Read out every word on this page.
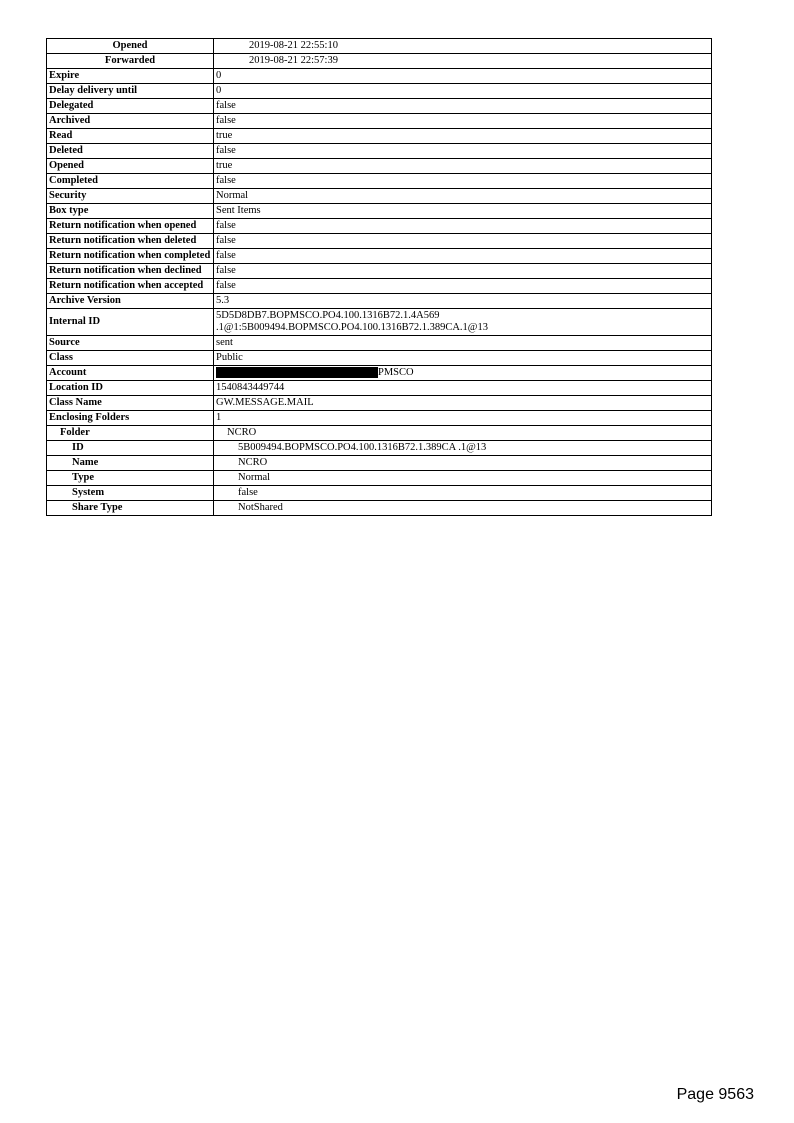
Opened	2019-08-21 22:55:10
Forwarded	2019-08-21 22:57:39
Expire	0
Delay delivery until	0
Delegated	false
Archived	false
Read	true
Deleted	false
Opened	true
Completed	false
Security	Normal
Box type	Sent Items
Return notification when opened	false
Return notification when deleted	false
Return notification when completed	false
Return notification when declined	false
Return notification when accepted	false
Archive Version	5.3
Internal ID	5D5D8DB7.BOPMSCO.PO4.100.1316B72.1.4A569 .1@1:5B009494.BOPMSCO.PO4.100.1316B72.1.389CA.1@13
Source	sent
Class	Public
Account	PMSCO
Location ID	1540843449744
Class Name	GW.MESSAGE.MAIL
Enclosing Folders	1
Folder	NCRO
ID	5B009494.BOPMSCO.PO4.100.1316B72.1.389CA .1@13
Name	NCRO
Type	Normal
System	false
Share Type	NotShared
Page 9563
